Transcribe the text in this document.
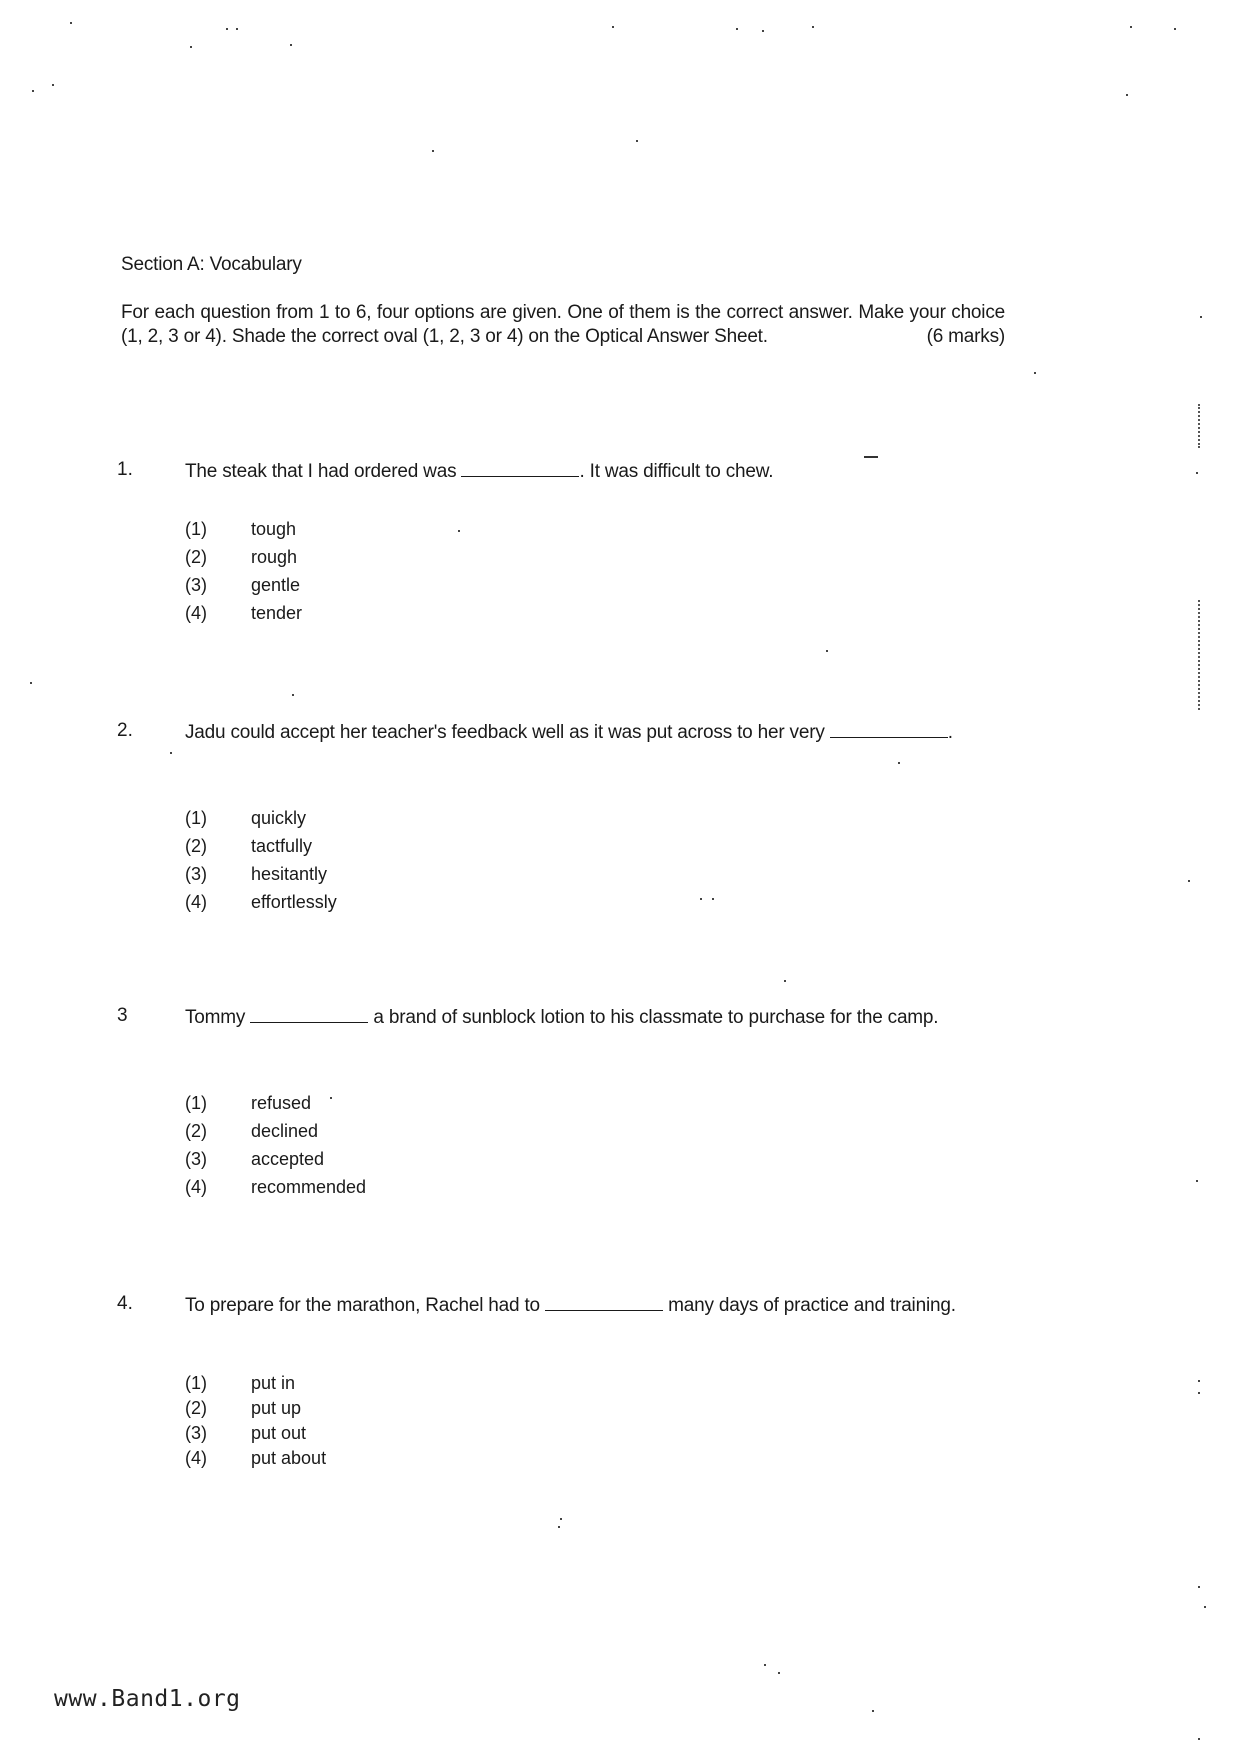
Section A: Vocabulary
For each question from 1 to 6, four options are given. One of them is the correct answer. Make your choice (1, 2, 3 or 4). Shade the correct oval (1, 2, 3 or 4) on the Optical Answer Sheet.	(6 marks)
1.	The steak that I had ordered was	. It was difficult to chew.
(1) tough
(2) rough
(3) gentle
(4) tender
2.	Jadu could accept her teacher's feedback well as it was put across to her very	.
(1) quickly
(2) tactfully
(3) hesitantly
(4) effortlessly
3	Tommy	a brand of sunblock lotion to his classmate to purchase for the camp.
(1) refused
(2) declined
(3) accepted
(4) recommended
4.	To prepare for the marathon, Rachel had to	many days of practice and training.
(1) put in
(2) put up
(3) put out
(4) put about
www.Band1.org
